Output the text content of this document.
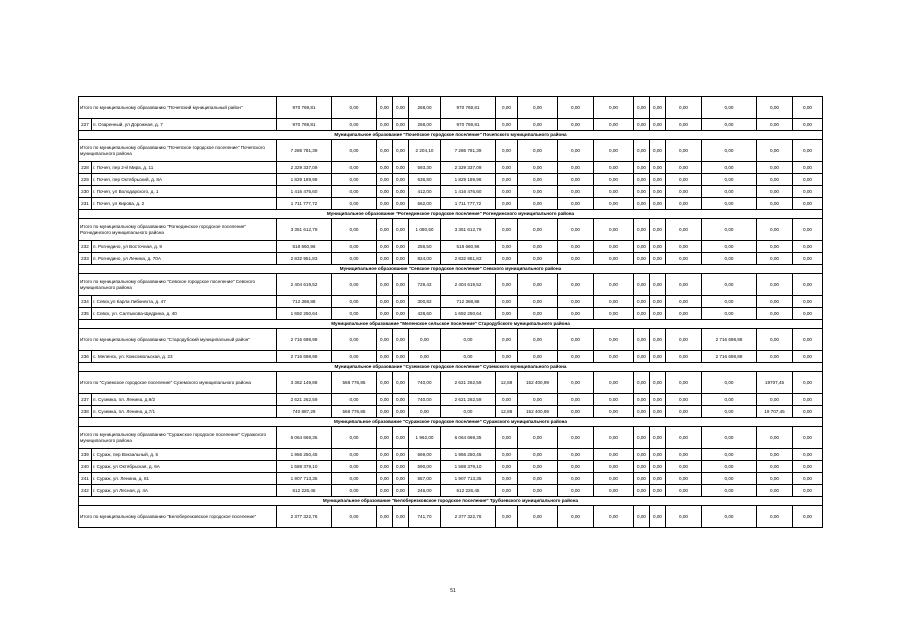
Итого по муниципальному образованию "Почепский муниципальный район"		970 769,81	0,00	0,00	0,00	268,00	970 769,81	0,00	0,00	0,00	0,00	0,00	0,00	0,00	0,00	0,00	0,00
227	п. Озаренный, ул Дорожная, д. 7	970 769,81	0,00	0,00	0,00	268,00	970 769,81	0,00	0,00	0,00	0,00	0,00	0,00	0,00	0,00	0,00	0,00
Муниципальное образование "Почепское городское поселение" Почепского муниципального района																	
Итого по муниципальному образованию "Почепское городское поселение" Почепского муниципального района		7 286 781,39	0,00	0,00	0,00	2 204,10	7 286 781,39	0,00	0,00	0,00	0,00	0,00	0,00	0,00	0,00	0,00	0,00
228	г. Почеп, пер 2-й Мира, д. 11	2 329 337,09	0,00	0,00	0,00	593,30	2 329 337,09	0,00	0,00	0,00	0,00	0,00	0,00	0,00	0,00	0,00	0,00
229	г. Почеп, пер Октябрьский, д. 8А	1 829 189,98	0,00	0,00	0,00	636,80	1 829 189,98	0,00	0,00	0,00	0,00	0,00	0,00	0,00	0,00	0,00	0,00
230	г. Почеп, ул Володарского, д. 1	1 416 476,60	0,00	0,00	0,00	412,00	1 416 476,60	0,00	0,00	0,00	0,00	0,00	0,00	0,00	0,00	0,00	0,00
231	г. Почеп, ул Кирова, д. 2	1 711 777,72	0,00	0,00	0,00	562,00	1 711 777,72	0,00	0,00	0,00	0,00	0,00	0,00	0,00	0,00	0,00	0,00
Муниципальное образование "Рогнединское городское поселение" Рогнединского муниципального района																	
Итого по муниципальному образованию "Рогнединское городское поселение" Рогнединского муниципального района		3 351 612,79	0,00	0,00	0,00	1 080,50	3 351 612,79	0,00	0,00	0,00	0,00	0,00	0,00	0,00	0,00	0,00	0,00
232	п. Рогнедино, ул Восточная, д. 9	518 660,96	0,00	0,00	0,00	256,50	518 660,96	0,00	0,00	0,00	0,00	0,00	0,00	0,00	0,00	0,00	0,00
233	п. Рогнедино, ул Ленина, д. 70А	2 832 951,83	0,00	0,00	0,00	824,00	2 832 951,83	0,00	0,00	0,00	0,00	0,00	0,00	0,00	0,00	0,00	0,00
Муниципальное образование "Севское городское поселение" Севского муниципального района																	
Итого по муниципальному образованию "Севское городское поселение" Севского муниципального района		2 404 619,52	0,00	0,00	0,00	729,42	2 404 619,52	0,00	0,00	0,00	0,00	0,00	0,00	0,00	0,00	0,00	0,00
234	г. Севск,ул Карла Либкнехта, д. 47	712 368,88	0,00	0,00	0,00	300,82	712 368,88	0,00	0,00	0,00	0,00	0,00	0,00	0,00	0,00	0,00	0,00
235	г. Севск, ул. Салтыкова-Щедрина, д. 40	1 692 250,64	0,00	0,00	0,00	428,60	1 692 250,64	0,00	0,00	0,00	0,00	0,00	0,00	0,00	0,00	0,00	0,00
Муниципальное образование "Меленское сельское поселение" Стародубского муниципального района																	
Итого по муниципальному образованию "Стародубский муниципальный район"		2 716 698,98	0,00	0,00	0,00	0,00	0,00	0,00	0,00	0,00	0,00	0,00	0,00	0,00	2 716 698,98	0,00	0,00
236	с. Меленск, ул. Комсомольская, д. 23	2 716 698,98	0,00	0,00	0,00	0,00	0,00	0,00	0,00	0,00	0,00	0,00	0,00	0,00	2 716 698,98	0,00	0,00
Муниципальное образование "Суземское городское поселение" Суземского муниципального района																	
Итого по "Суземское городское поселение" Суземского муниципального района		3 362 149,88	568 776,85	0,00	0,00	740,00	2 621 262,59	12,88	152 400,99	0,00	0,00	0,00	0,00	0,00	0,00	19707,45	0,00
237	п. Суземка, пл. Ленина, д.9/2	2 621 262,59	0,00	0,00	0,00	740,00	2 621 262,59	0,00	0,00	0,00	0,00	0,00	0,00	0,00	0,00	0,00	0,00
238	п. Суземка, пл. Ленина, д.7/1	740 887,29	568 776,85	0,00	0,00	0,00	0,00	12,88	152 400,99	0,00	0,00	0,00	0,00	0,00	0,00	19 707,45	0,00
Муниципальное образование "Суражское городское поселение" Суражского муниципального района																	
Итого по муниципальному образованию "Суражское городское поселение" Суражского муниципального района		6 064 669,35	0,00	0,00	0,00	1 962,00	6 064 669,35	0,00	0,00	0,00	0,00	0,00	0,00	0,00	0,00	0,00	0,00
239	г. Сураж, пер Вокзальный, д. 5	1 956 250,45	0,00	0,00	0,00	569,00	1 956 250,45	0,00	0,00	0,00	0,00	0,00	0,00	0,00	0,00	0,00	0,00
240	г. Сураж, ул Октябрьская, д. 9А	1 588 379,10	0,00	0,00	0,00	590,00	1 588 379,10	0,00	0,00	0,00	0,00	0,00	0,00	0,00	0,00	0,00	0,00
241	г. Сураж, ул. Ленина, д. 81	1 907 713,35	0,00	0,00	0,00	557,00	1 907 713,35	0,00	0,00	0,00	0,00	0,00	0,00	0,00	0,00	0,00	0,00
242	г. Сураж, ул Лесная, д. 4А	612 226,45	0,00	0,00	0,00	246,00	612 226,45	0,00	0,00	0,00	0,00	0,00	0,00	0,00	0,00	0,00	0,00
Муниципальное образование "Белоберезковское городское поселение" Трубчевского муниципального района																	
Итого по муниципальному образованию "Белоберезковское городское поселение"		2 377 322,76	0,00	0,00	0,00	741,70	2 377 322,76	0,00	0,00	0,00	0,00	0,00	0,00	0,00	0,00	0,00	0,00
51
